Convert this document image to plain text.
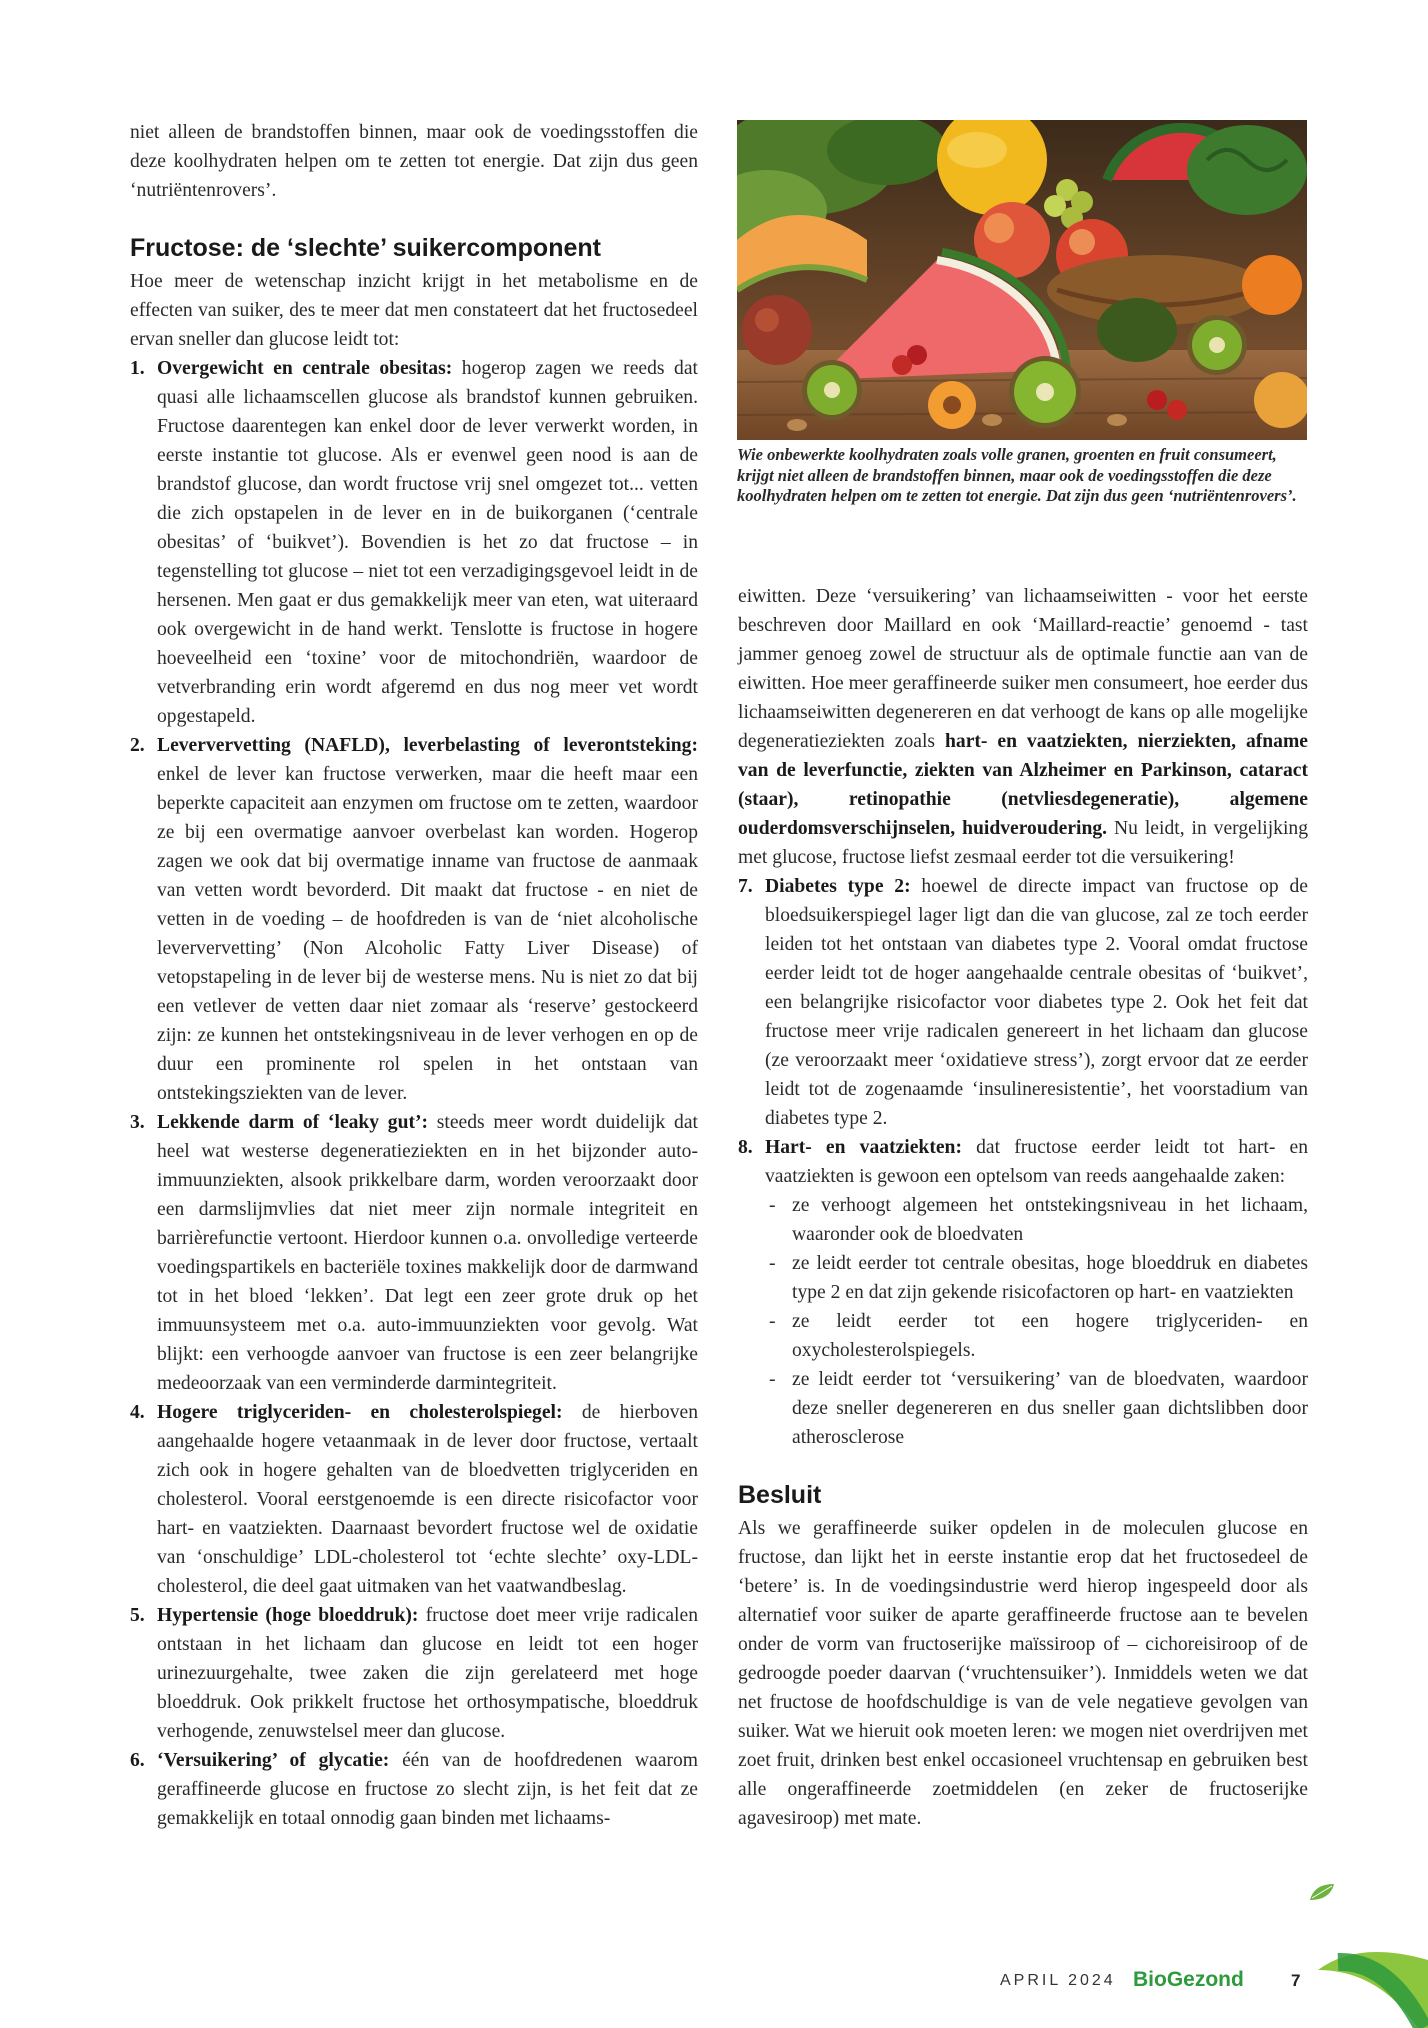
niet alleen de brandstoffen binnen, maar ook de voedingsstoffen die deze koolhydraten helpen om te zetten tot energie. Dat zijn dus geen ‘nutriëntenrovers’.

Fructose: de ‘slechte’ suikercomponent

Hoe meer de wetenschap inzicht krijgt in het metabolisme en de effecten van suiker, des te meer dat men constateert dat het fructosedeel ervan sneller dan glucose leidt tot:

1. Overgewicht en centrale obesitas: hogerop zagen we reeds dat quasi alle lichaamscellen glucose als brandstof kunnen gebruiken. Fructose daarentegen kan enkel door de lever verwerkt worden, in eerste instantie tot glucose. Als er evenwel geen nood is aan de brandstof glucose, dan wordt fructose vrij snel omgezet tot... vetten die zich opstapelen in de lever en in de buikorganen (‘centrale obesitas’ of ‘buikvet’). Bovendien is het zo dat fructose – in tegenstelling tot glucose – niet tot een verzadigingsgevoel leidt in de hersenen. Men gaat er dus gemakkelijk meer van eten, wat uiteraard ook overgewicht in de hand werkt. Tenslotte is fructose in hogere hoeveelheid een ‘toxine’ voor de mitochondriën, waardoor de vetverbranding erin wordt afgeremd en dus nog meer vet wordt opgestapeld.
2. Leververvetting (NAFLD), leverbelasting of leverontsteking: enkel de lever kan fructose verwerken, maar die heeft maar een beperkte capaciteit aan enzymen om fructose om te zetten, waardoor ze bij een overmatige aanvoer overbelast kan worden. Hogerop zagen we ook dat bij overmatige inname van fructose de aanmaak van vetten wordt bevorderd. Dit maakt dat fructose - en niet de vetten in de voeding – de hoofdreden is van de ‘niet alcoholische leververvetting’ (Non Alcoholic Fatty Liver Disease) of vetopstapeling in de lever bij de westerse mens. Nu is niet zo dat bij een vetlever de vetten daar niet zomaar als ‘reserve’ gestockeerd zijn: ze kunnen het ontstekingsniveau in de lever verhogen en op de duur een prominente rol spelen in het ontstaan van ontstekingsziekten van de lever.
3. Lekkende darm of ‘leaky gut’: steeds meer wordt duidelijk dat heel wat westerse degeneratieziekten en in het bijzonder auto-immuunziekten, alsook prikkelbare darm, worden veroorzaakt door een darmslijmvlies dat niet meer zijn normale integriteit en barrièrefunctie vertoont. Hierdoor kunnen o.a. onvolledige verteerde voedingspartikels en bacteriële toxines makkelijk door de darmwand tot in het bloed ‘lekken’. Dat legt een zeer grote druk op het immuunsysteem met o.a. auto-immuunziekten voor gevolg. Wat blijkt: een verhoogde aanvoer van fructose is een zeer belangrijke medeoorzaak van een verminderde darmintegriteit.
4. Hogere triglyceriden- en cholesterolspiegel: de hierboven aangehaalde hogere vetaanmaak in de lever door fructose, vertaalt zich ook in hogere gehalten van de bloedvetten triglyceriden en cholesterol. Vooral eerstgenoemde is een directe risicofactor voor hart- en vaatziekten. Daarnaast bevordert fructose wel de oxidatie van ‘onschuldige’ LDL-cholesterol tot ‘echte slechte’ oxy-LDL-cholesterol, die deel gaat uitmaken van het vaatwandbeslag.
5. Hypertensie (hoge bloeddruk): fructose doet meer vrije radicalen ontstaan in het lichaam dan glucose en leidt tot een hoger urinezuurgehalte, twee zaken die zijn gerelateerd met hoge bloeddruk. Ook prikkelt fructose het orthosympatische, bloeddruk verhogende, zenuwstelsel meer dan glucose.
6. ‘Versuikering’ of glycatie: één van de hoofdredenen waarom geraffineerde glucose en fructose zo slecht zijn, is het feit dat ze gemakkelijk en totaal onnodig gaan binden met lichaams-
Wie onbewerkte koolhydraten zoals volle granen, groenten en fruit consumeert, krijgt niet alleen de brandstoffen binnen, maar ook de voedingsstoffen die deze koolhydraten helpen om te zetten tot energie. Dat zijn dus geen ‘nutriëntenrovers’.

eiwitten. Deze ‘versuikering’ van lichaamseiwitten - voor het eerste beschreven door Maillard en ook ‘Maillard-reactie’ genoemd - tast jammer genoeg zowel de structuur als de optimale functie aan van de eiwitten. Hoe meer geraffineerde suiker men consumeert, hoe eerder dus lichaamseiwitten degenereren en dat verhoogt de kans op alle mogelijke degeneratieziekten zoals hart- en vaatziekten, nierziekten, afname van de leverfunctie, ziekten van Alzheimer en Parkinson, cataract (staar), retinopathie (netvliesdegeneratie), algemene ouderdomsverschijnselen, huidveroudering. Nu leidt, in vergelijking met glucose, fructose liefst zesmaal eerder tot die versuikering!

7. Diabetes type 2: hoewel de directe impact van fructose op de bloedsuikerspiegel lager ligt dan die van glucose, zal ze toch eerder leiden tot het ontstaan van diabetes type 2. Vooral omdat fructose eerder leidt tot de hoger aangehaalde centrale obesitas of ‘buikvet’, een belangrijke risicofactor voor diabetes type 2. Ook het feit dat fructose meer vrije radicalen genereert in het lichaam dan glucose (ze veroorzaakt meer ‘oxidatieve stress’), zorgt ervoor dat ze eerder leidt tot de zogenaamde ‘insulineresistentie’, het voorstadium van diabetes type 2.
8. Hart- en vaatziekten: dat fructose eerder leidt tot hart- en vaatziekten is gewoon een optelsom van reeds aangehaalde zaken:
- ze verhoogt algemeen het ontstekingsniveau in het lichaam, waaronder ook de bloedvaten
- ze leidt eerder tot centrale obesitas, hoge bloeddruk en diabetes type 2 en dat zijn gekende risicofactoren op hart- en vaatziekten
- ze leidt eerder tot een hogere triglyceriden- en oxycholesterolspiegels.
- ze leidt eerder tot ‘versuikering’ van de bloedvaten, waardoor deze sneller degenereren en dus sneller gaan dichtslibben door atherosclerose
Besluit

Als we geraffineerde suiker opdelen in de moleculen glucose en fructose, dan lijkt het in eerste instantie erop dat het fructosedeel de ‘betere’ is. In de voedingsindustrie werd hierop ingespeeld door als alternatief voor suiker de aparte geraffineerde fructose aan te bevelen onder de vorm van fructoserijke maïssiroop of – cichoreisiroop of de gedroogde poeder daarvan (‘vruchtensuiker’). Inmiddels weten we dat net fructose de hoofdschuldige is van de vele negatieve gevolgen van suiker. Wat we hieruit ook moeten leren: we mogen niet overdrijven met zoet fruit, drinken best enkel occasioneel vruchtensap en gebruiken best alle ongeraffineerde zoetmiddelen (en zeker de fructoserijke agavesiroop) met mate.

APRIL 2024 BioGezond	7
